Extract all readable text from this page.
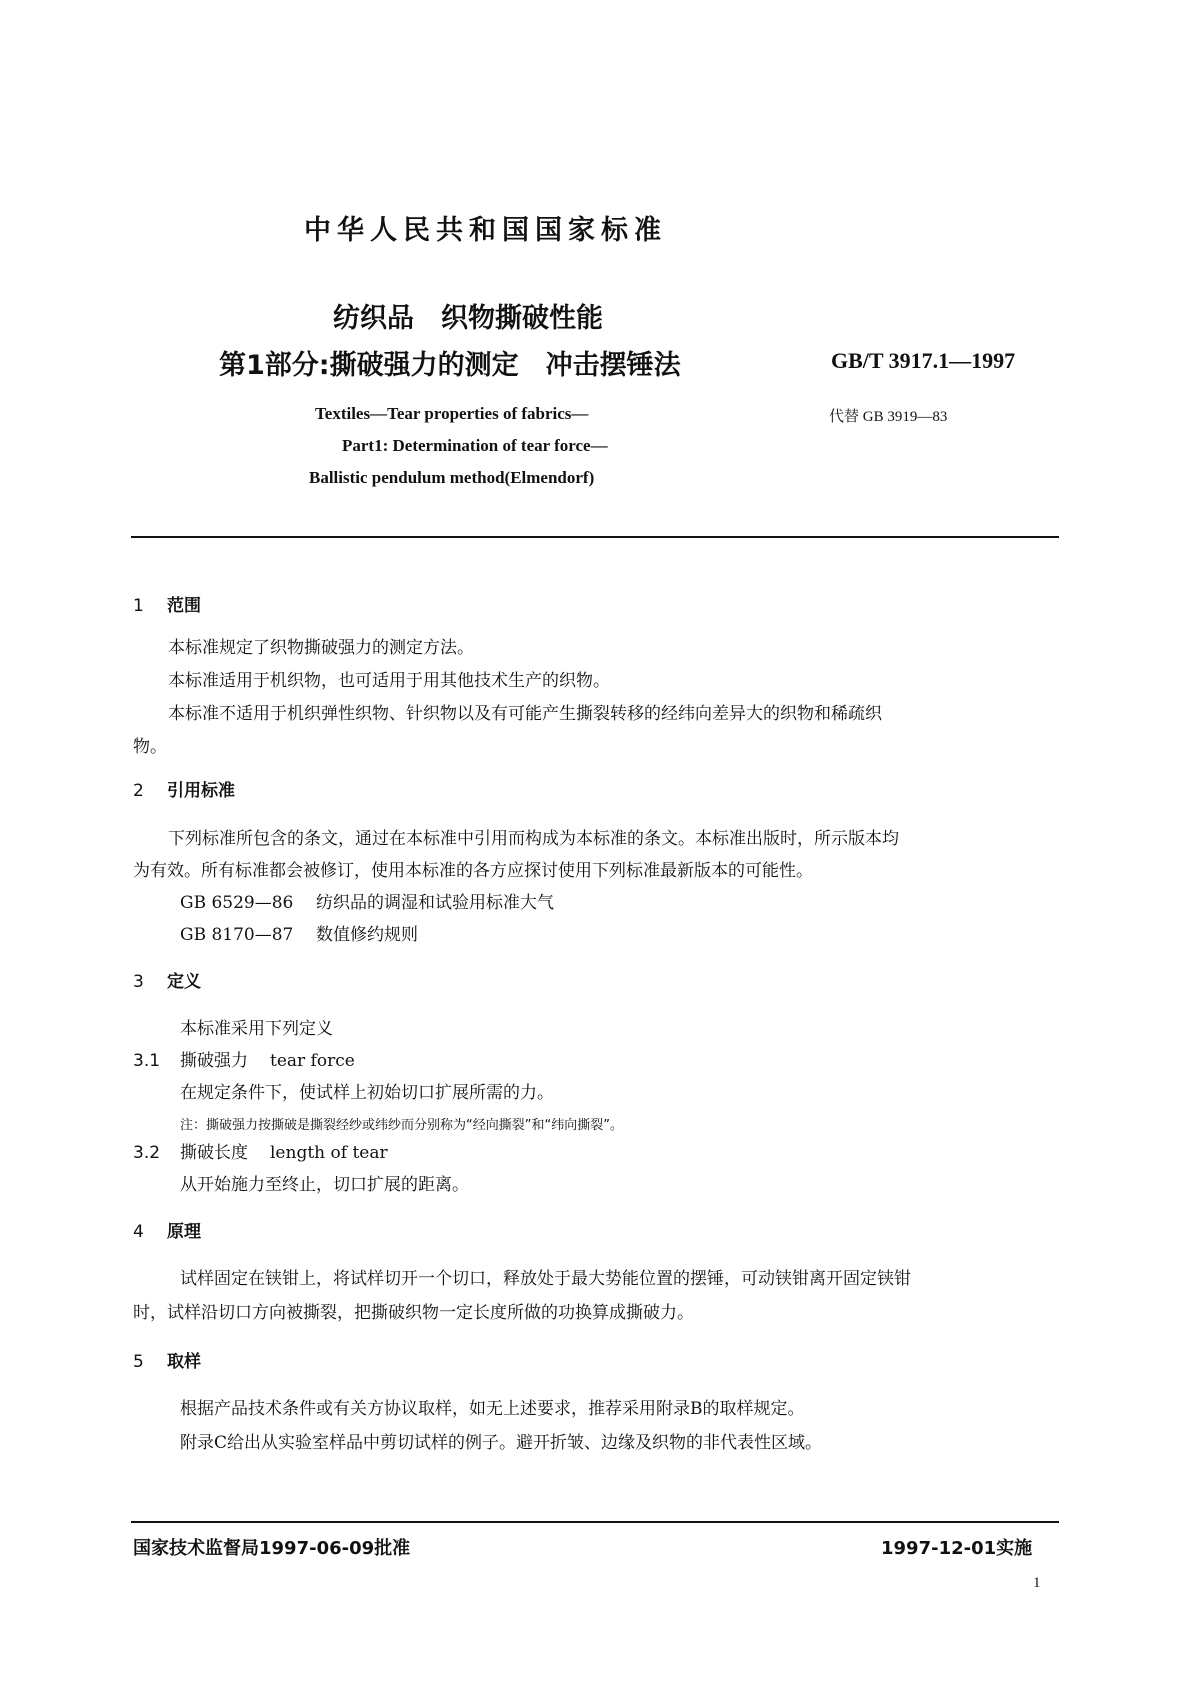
中华人民共和国国家标准
纺织品　织物撕破性能
第1部分:撕破强力的测定　冲击摆锤法	GB/T 3917.1—1997
代替 GB 3919—83
Textiles—Tear properties of fabrics—
Part1: Determination of tear force—
Ballistic pendulum method(Elmendorf)
1 范围
本标准规定了织物撕破强力的测定方法。
本标准适用于机织物，也可适用于用其他技术生产的织物。
本标准不适用于机织弹性织物、针织物以及有可能产生撕裂转移的经纬向差异大的织物和稀疏织
物。
2 引用标准
下列标准所包含的条文，通过在本标准中引用而构成为本标准的条文。本标准出版时，所示版本均
为有效。所有标准都会被修订，使用本标准的各方应探讨使用下列标准最新版本的可能性。
GB 6529—86 纺织品的调湿和试验用标准大气
GB 8170—87 数值修约规则
3 定义
本标准采用下列定义
3.1 撕破强力 tear force
在规定条件下，使试样上初始切口扩展所需的力。
注：撕破强力按撕破是撕裂经纱或纬纱而分别称为“经向撕裂”和“纬向撕裂”。
3.2 撕破长度 length of tear
从开始施力至终止，切口扩展的距离。
4 原理
试样固定在铗钳上，将试样切开一个切口，释放处于最大势能位置的摆锤，可动铗钳离开固定铗钳
时，试样沿切口方向被撕裂，把撕破织物一定长度所做的功换算成撕破力。
5 取样
根据产品技术条件或有关方协议取样，如无上述要求，推荐采用附录B的取样规定。
附录C给出从实验室样品中剪切试样的例子。避开折皱、边缘及织物的非代表性区域。
国家技术监督局1997-06-09批准	1997-12-01实施
1
